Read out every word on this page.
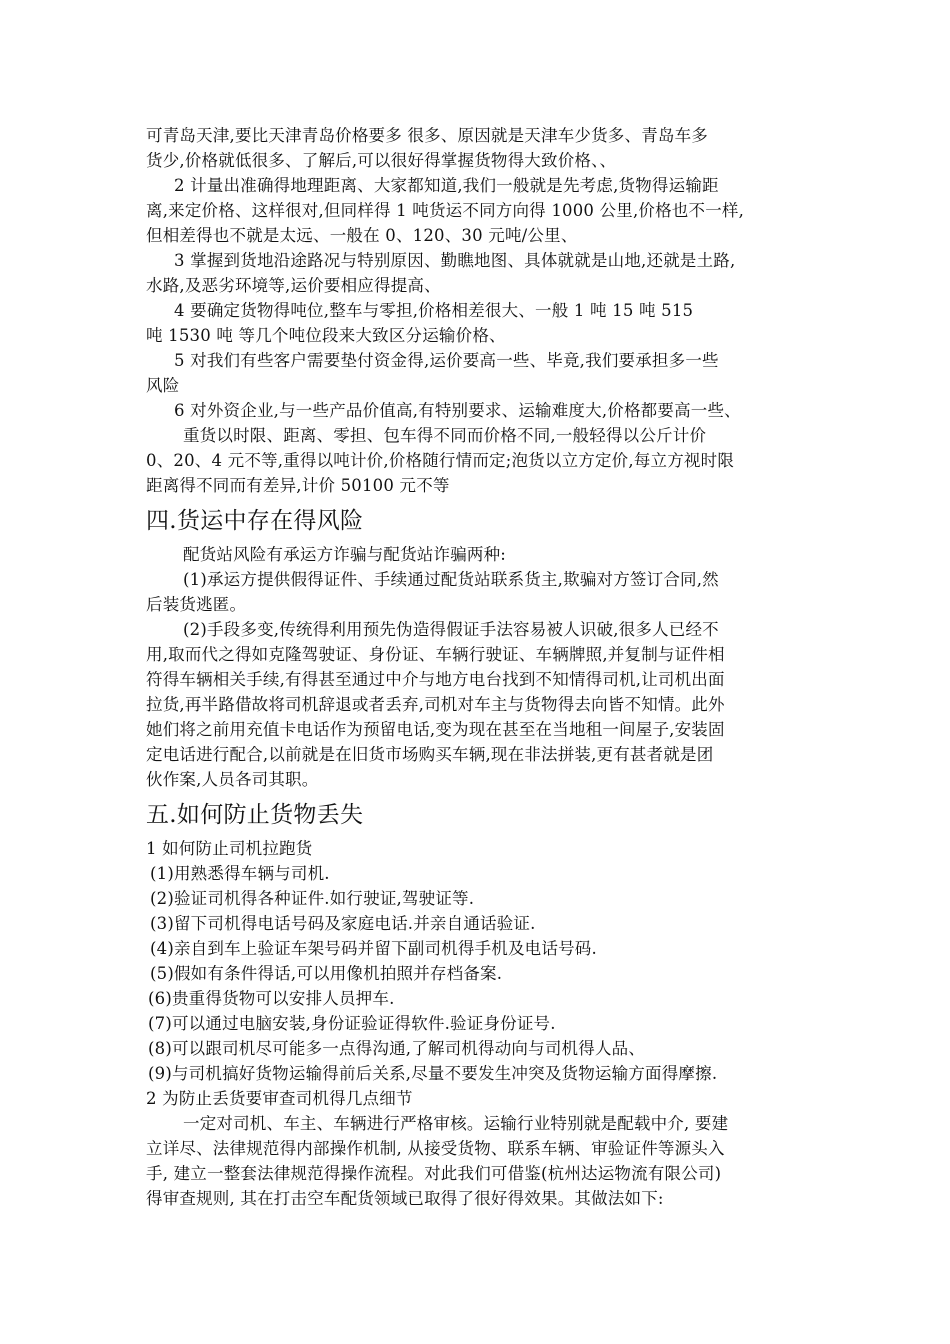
可青岛天津,要比天津青岛价格要多 很多、原因就是天津车少货多、青岛车多
货少,价格就低很多、了解后,可以很好得掌握货物得大致价格、、
2 计量出准确得地理距离、大家都知道,我们一般就是先考虑,货物得运输距
离,来定价格、这样很对,但同样得 1 吨货运不同方向得 1000 公里,价格也不一样,
但相差得也不就是太远、一般在 0、120、30 元吨/公里、
3 掌握到货地沿途路况与特别原因、勤瞧地图、具体就就是山地,还就是土路,
水路,及恶劣环境等,运价要相应得提高、
4 要确定货物得吨位,整车与零担,价格相差很大、一般 1 吨 15 吨 515
吨 1530 吨 等几个吨位段来大致区分运输价格、
5 对我们有些客户需要垫付资金得,运价要高一些、毕竟,我们要承担多一些
风险
6 对外资企业,与一些产品价值高,有特别要求、运输难度大,价格都要高一些、
重货以时限、距离、零担、包车得不同而价格不同,一般轻得以公斤计价
0、20、4 元不等,重得以吨计价,价格随行情而定;泡货以立方定价,每立方视时限
距离得不同而有差异,计价 50100 元不等
四.货运中存在得风险
配货站风险有承运方诈骗与配货站诈骗两种:
(1)承运方提供假得证件、手续通过配货站联系货主,欺骗对方签订合同,然
后装货逃匿。
(2)手段多变,传统得利用预先伪造得假证手法容易被人识破,很多人已经不
用,取而代之得如克隆驾驶证、身份证、车辆行驶证、车辆牌照,并复制与证件相
符得车辆相关手续,有得甚至通过中介与地方电台找到不知情得司机,让司机出面
拉货,再半路借故将司机辞退或者丢弃,司机对车主与货物得去向皆不知情。此外
她们将之前用充值卡电话作为预留电话,变为现在甚至在当地租一间屋子,安装固
定电话进行配合,以前就是在旧货市场购买车辆,现在非法拼装,更有甚者就是团
伙作案,人员各司其职。
五.如何防止货物丢失
1 如何防止司机拉跑货
(1)用熟悉得车辆与司机.
(2)验证司机得各种证件.如行驶证,驾驶证等.
(3)留下司机得电话号码及家庭电话.并亲自通话验证.
(4)亲自到车上验证车架号码并留下副司机得手机及电话号码.
(5)假如有条件得话,可以用像机拍照并存档备案.
(6)贵重得货物可以安排人员押车.
(7)可以通过电脑安装,身份证验证得软件.验证身份证号.
(8)可以跟司机尽可能多一点得沟通,了解司机得动向与司机得人品、
(9)与司机搞好货物运输得前后关系,尽量不要发生冲突及货物运输方面得摩擦.
2 为防止丢货要审查司机得几点细节
一定对司机、车主、车辆进行严格审核。运输行业特别就是配载中介, 要建
立详尽、法律规范得内部操作机制, 从接受货物、联系车辆、审验证件等源头入
手, 建立一整套法律规范得操作流程。对此我们可借鉴(杭州达运物流有限公司)
得审查规则, 其在打击空车配货领域已取得了很好得效果。其做法如下:
